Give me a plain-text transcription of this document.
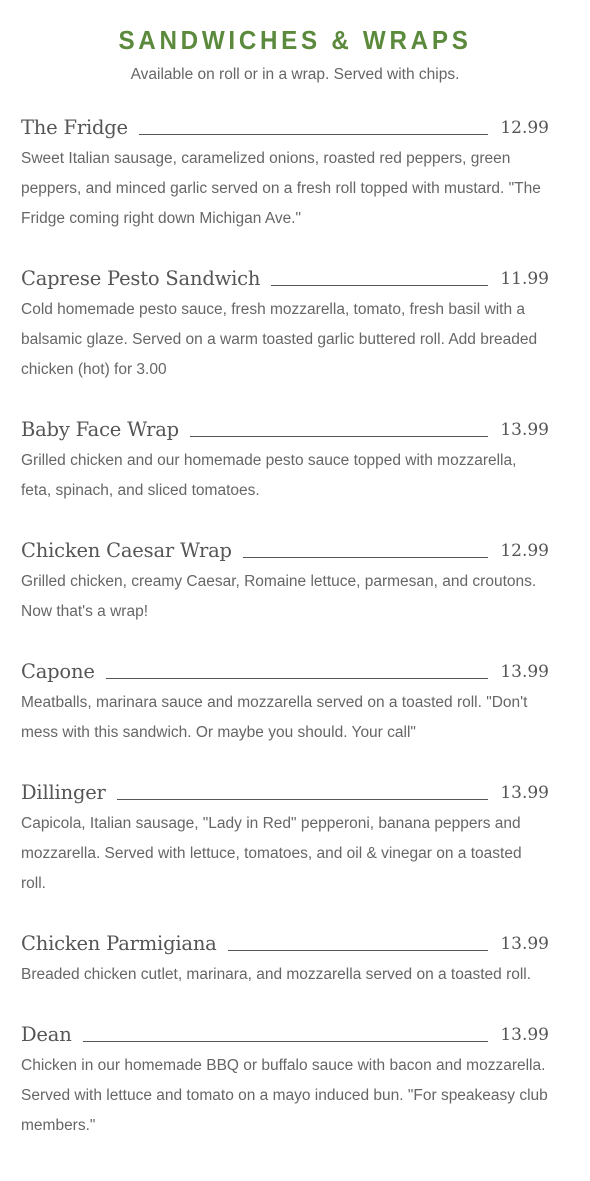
SANDWICHES & WRAPS

Available on roll or in a wrap. Served with chips.

The Fridge	12.99

Sweet Italian sausage, caramelized onions, roasted red peppers, green peppers, and minced garlic served on a fresh roll topped with mustard. "The Fridge coming right down Michigan Ave."

Caprese Pesto Sandwich	11.99

Cold homemade pesto sauce, fresh mozzarella, tomato, fresh basil with a balsamic glaze. Served on a warm toasted garlic buttered roll. Add breaded chicken (hot) for 3.00

Baby Face Wrap	13.99

Grilled chicken and our homemade pesto sauce topped with mozzarella, feta, spinach, and sliced tomatoes.

Chicken Caesar Wrap	12.99

Grilled chicken, creamy Caesar, Romaine lettuce, parmesan, and croutons. Now that's a wrap!

Capone	13.99

Meatballs, marinara sauce and mozzarella served on a toasted roll. "Don't mess with this sandwich. Or maybe you should. Your call"

Dillinger	13.99

Capicola, Italian sausage, "Lady in Red" pepperoni, banana peppers and mozzarella. Served with lettuce, tomatoes, and oil & vinegar on a toasted roll.

Chicken Parmigiana	13.99

Breaded chicken cutlet, marinara, and mozzarella served on a toasted roll.

Dean	13.99

Chicken in our homemade BBQ or buffalo sauce with bacon and mozzarella. Served with lettuce and tomato on a mayo induced bun. "For speakeasy club members."
